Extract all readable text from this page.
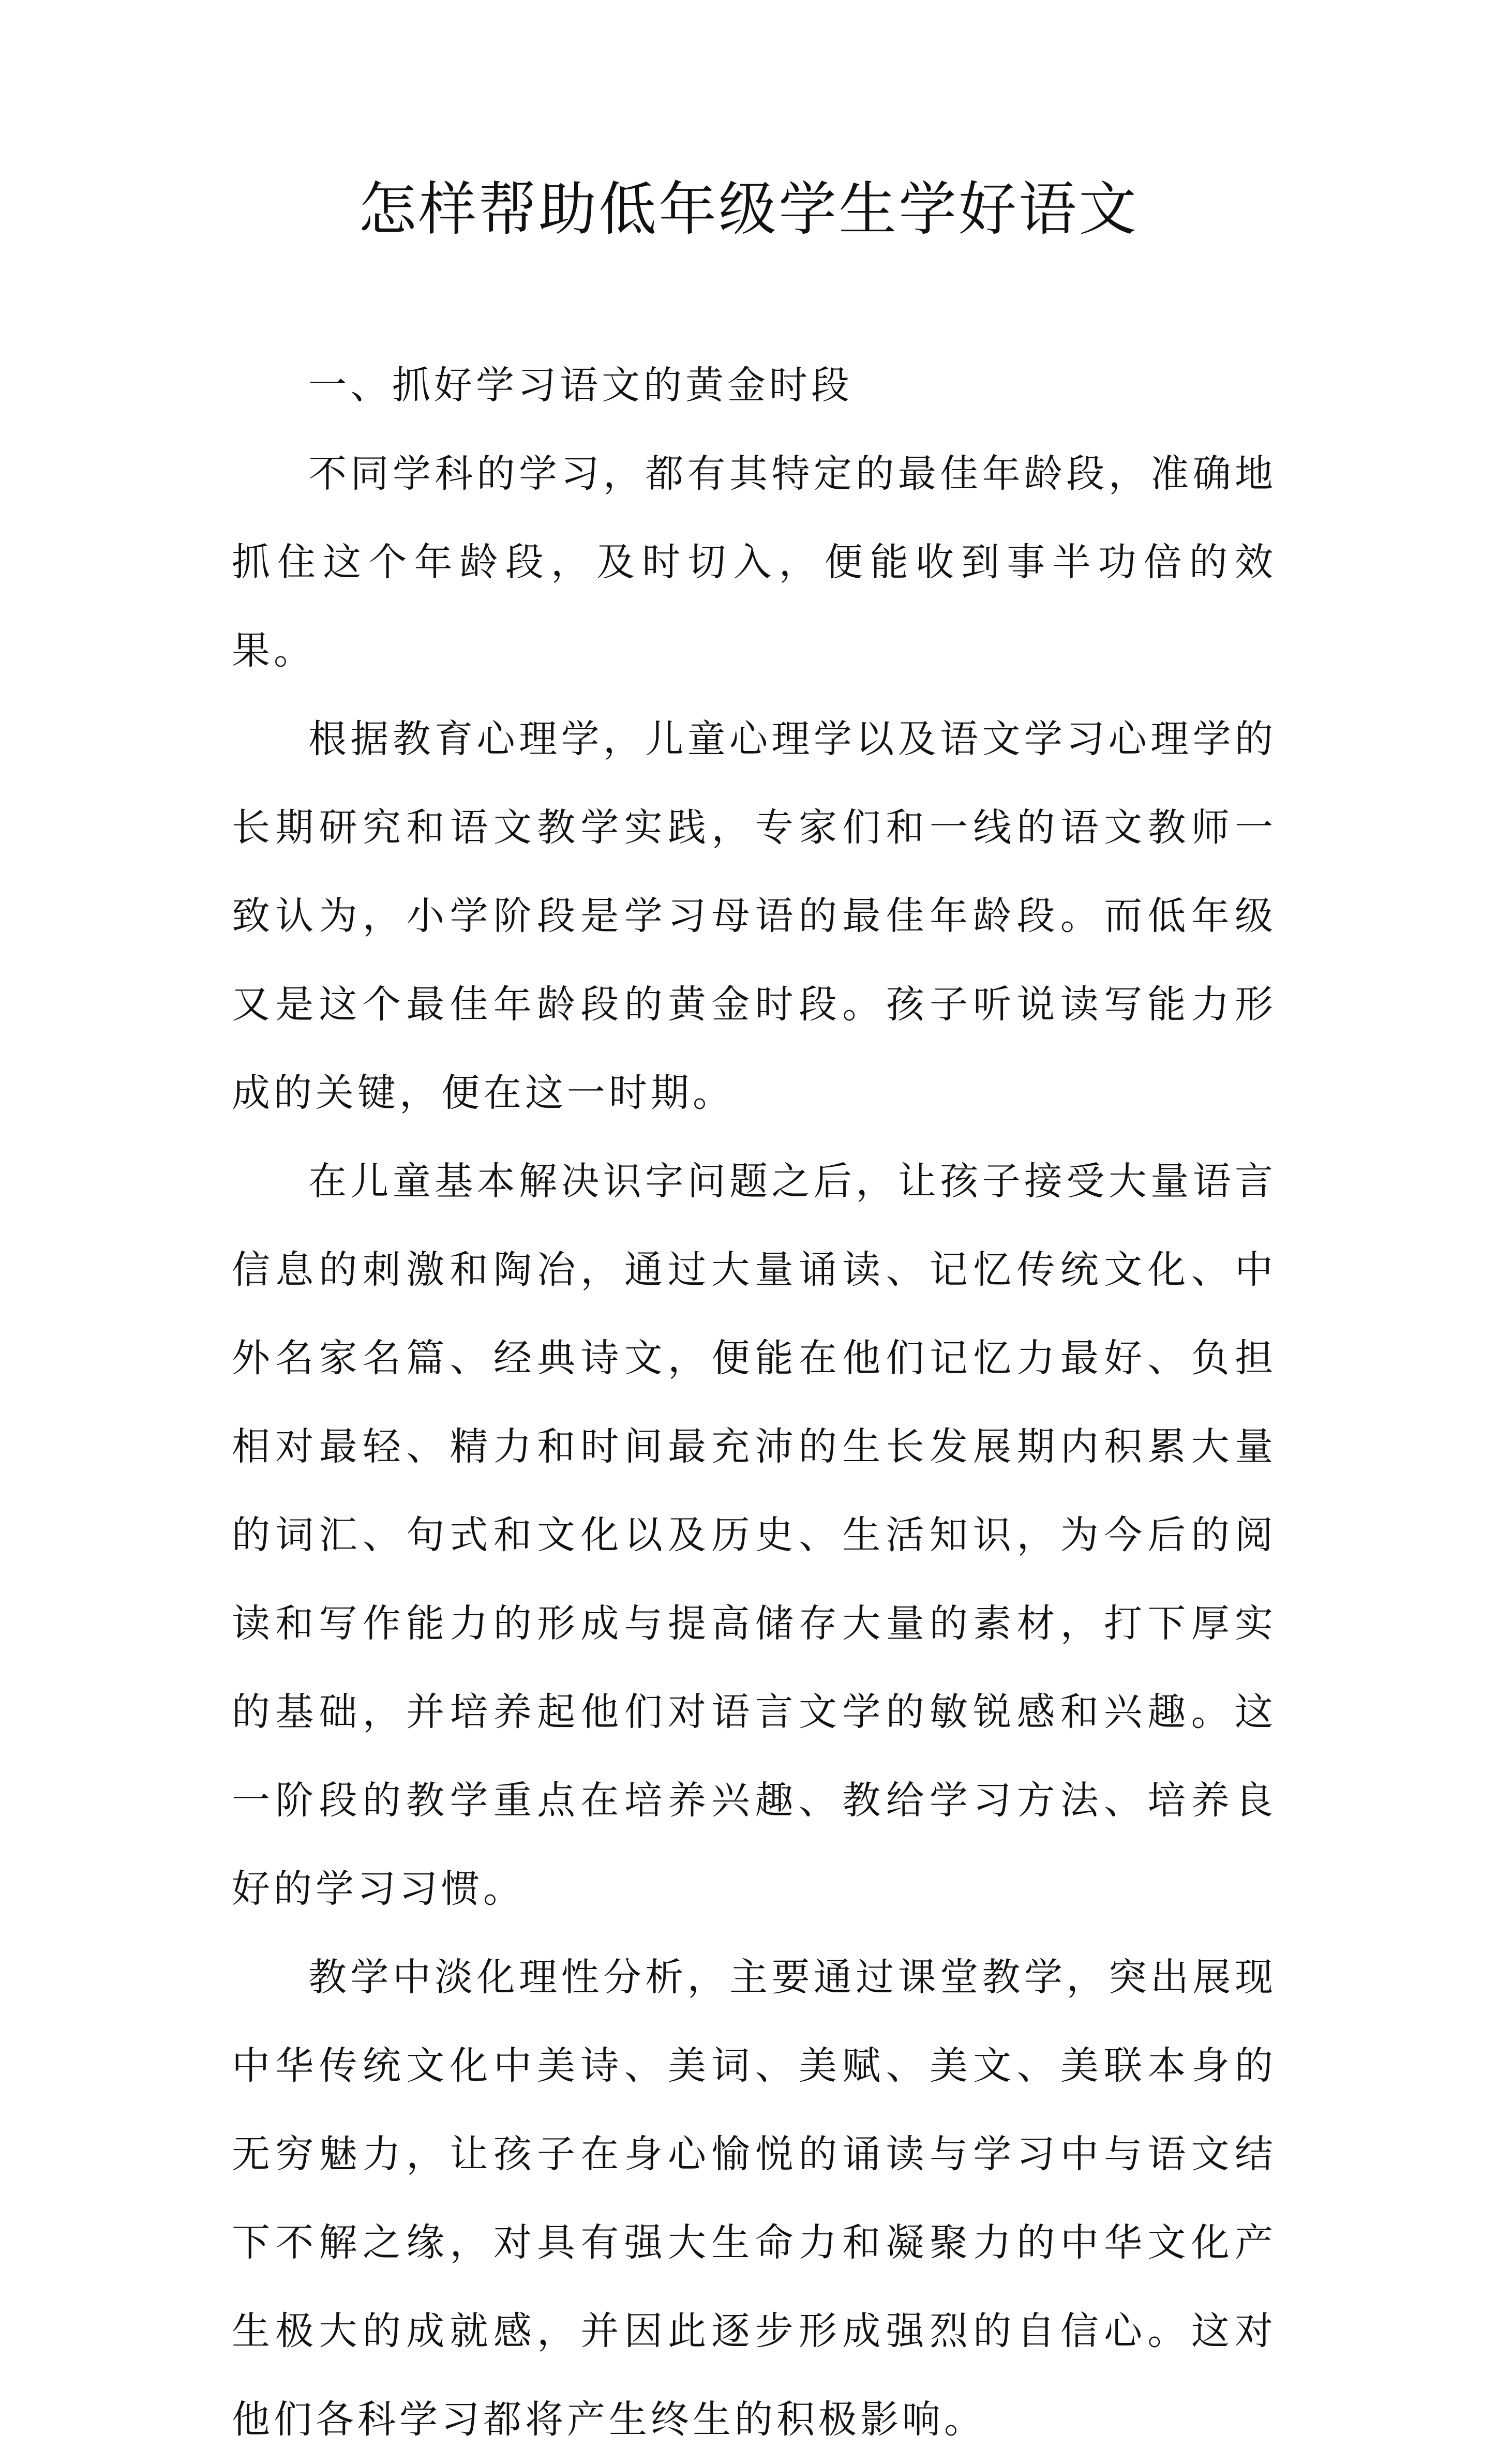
怎样帮助低年级学生学好语文

一、抓好学习语文的黄金时段

不同学科的学习，都有其特定的最佳年龄段，准确地抓住这个年龄段，及时切入，便能收到事半功倍的效果。

根据教育心理学，儿童心理学以及语文学习心理学的长期研究和语文教学实践，专家们和一线的语文教师一致认为，小学阶段是学习母语的最佳年龄段。而低年级又是这个最佳年龄段的黄金时段。孩子听说读写能力形成的关键，便在这一时期。

在儿童基本解决识字问题之后，让孩子接受大量语言信息的刺激和陶冶，通过大量诵读、记忆传统文化、中外名家名篇、经典诗文，便能在他们记忆力最好、负担相对最轻、精力和时间最充沛的生长发展期内积累大量的词汇、句式和文化以及历史、生活知识，为今后的阅读和写作能力的形成与提高储存大量的素材，打下厚实的基础，并培养起他们对语言文学的敏锐感和兴趣。这一阶段的教学重点在培养兴趣、教给学习方法、培养良好的学习习惯。

教学中淡化理性分析，主要通过课堂教学，突出展现中华传统文化中美诗、美词、美赋、美文、美联本身的无穷魅力，让孩子在身心愉悦的诵读与学习中与语文结下不解之缘，对具有强大生命力和凝聚力的中华文化产生极大的成就感，并因此逐步形成强烈的自信心。这对他们各科学习都将产生终生的积极影响。
